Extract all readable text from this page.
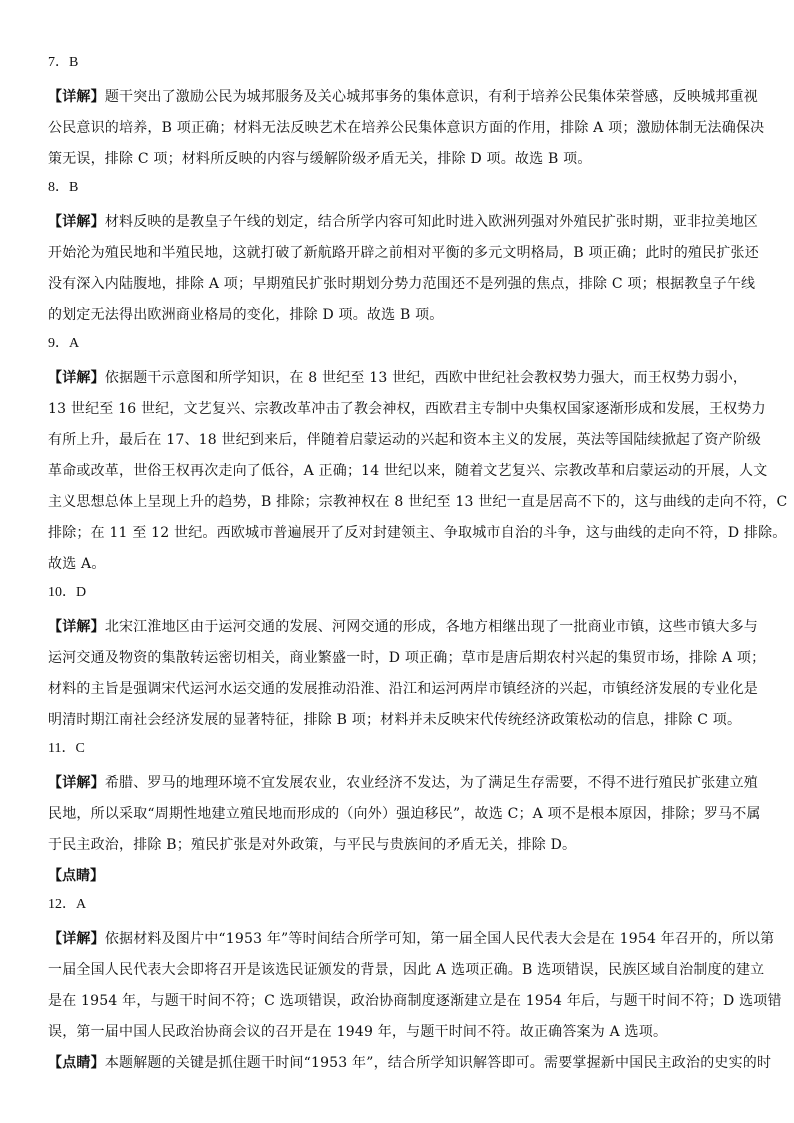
7．B

【详解】题干突出了激励公民为城邦服务及关心城邦事务的集体意识，有利于培养公民集体荣誉感，反映城邦重视
公民意识的培养，B 项正确；材料无法反映艺术在培养公民集体意识方面的作用，排除 A 项；激励体制无法确保决
策无误，排除 C 项；材料所反映的内容与缓解阶级矛盾无关，排除 D 项。故选 B 项。

8．B

【详解】材料反映的是教皇子午线的划定，结合所学内容可知此时进入欧洲列强对外殖民扩张时期，亚非拉美地区
开始沦为殖民地和半殖民地，这就打破了新航路开辟之前相对平衡的多元文明格局，B 项正确；此时的殖民扩张还
没有深入内陆腹地，排除 A 项；早期殖民扩张时期划分势力范围还不是列强的焦点，排除 C 项；根据教皇子午线
的划定无法得出欧洲商业格局的变化，排除 D 项。故选 B 项。

9．A

【详解】依据题干示意图和所学知识，在 8 世纪至 13 世纪，西欧中世纪社会教权势力强大，而王权势力弱小，
13 世纪至 16 世纪，文艺复兴、宗教改革冲击了教会神权，西欧君主专制中央集权国家逐渐形成和发展，王权势力
有所上升，最后在 17、18 世纪到来后，伴随着启蒙运动的兴起和资本主义的发展，英法等国陆续掀起了资产阶级
革命或改革，世俗王权再次走向了低谷，A 正确；14 世纪以来，随着文艺复兴、宗教改革和启蒙运动的开展，人文
主义思想总体上呈现上升的趋势，B 排除；宗教神权在 8 世纪至 13 世纪一直是居高不下的，这与曲线的走向不符，C
排除；在 11 至 12 世纪。西欧城市普遍展开了反对封建领主、争取城市自治的斗争，这与曲线的走向不符，D 排除。
故选 A。

10．D

【详解】北宋江淮地区由于运河交通的发展、河网交通的形成，各地方相继出现了一批商业市镇，这些市镇大多与
运河交通及物资的集散转运密切相关，商业繁盛一时，D 项正确；草市是唐后期农村兴起的集贸市场，排除 A 项；
材料的主旨是强调宋代运河水运交通的发展推动沿淮、沿江和运河两岸市镇经济的兴起，市镇经济发展的专业化是
明清时期江南社会经济发展的显著特征，排除 B 项；材料并未反映宋代传统经济政策松动的信息，排除 C 项。

11．C

【详解】希腊、罗马的地理环境不宜发展农业，农业经济不发达，为了满足生存需要，不得不进行殖民扩张建立殖
民地，所以采取“周期性地建立殖民地而形成的（向外）强迫移民”，故选 C；A 项不是根本原因，排除；罗马不属
于民主政治，排除 B；殖民扩张是对外政策，与平民与贵族间的矛盾无关，排除 D。

【点睛】

12．A

【详解】依据材料及图片中“1953 年”等时间结合所学可知，第一届全国人民代表大会是在 1954 年召开的，所以第
一届全国人民代表大会即将召开是该选民证颁发的背景，因此 A 选项正确。B 选项错误，民族区域自治制度的建立
是在 1954 年，与题干时间不符；C 选项错误，政治协商制度逐渐建立是在 1954 年后，与题干时间不符；D 选项错
误，第一届中国人民政治协商会议的召开是在 1949 年，与题干时间不符。故正确答案为 A 选项。
【点睛】本题解题的关键是抓住题干时间“1953 年”，结合所学知识解答即可。需要掌握新中国民主政治的史实的时
